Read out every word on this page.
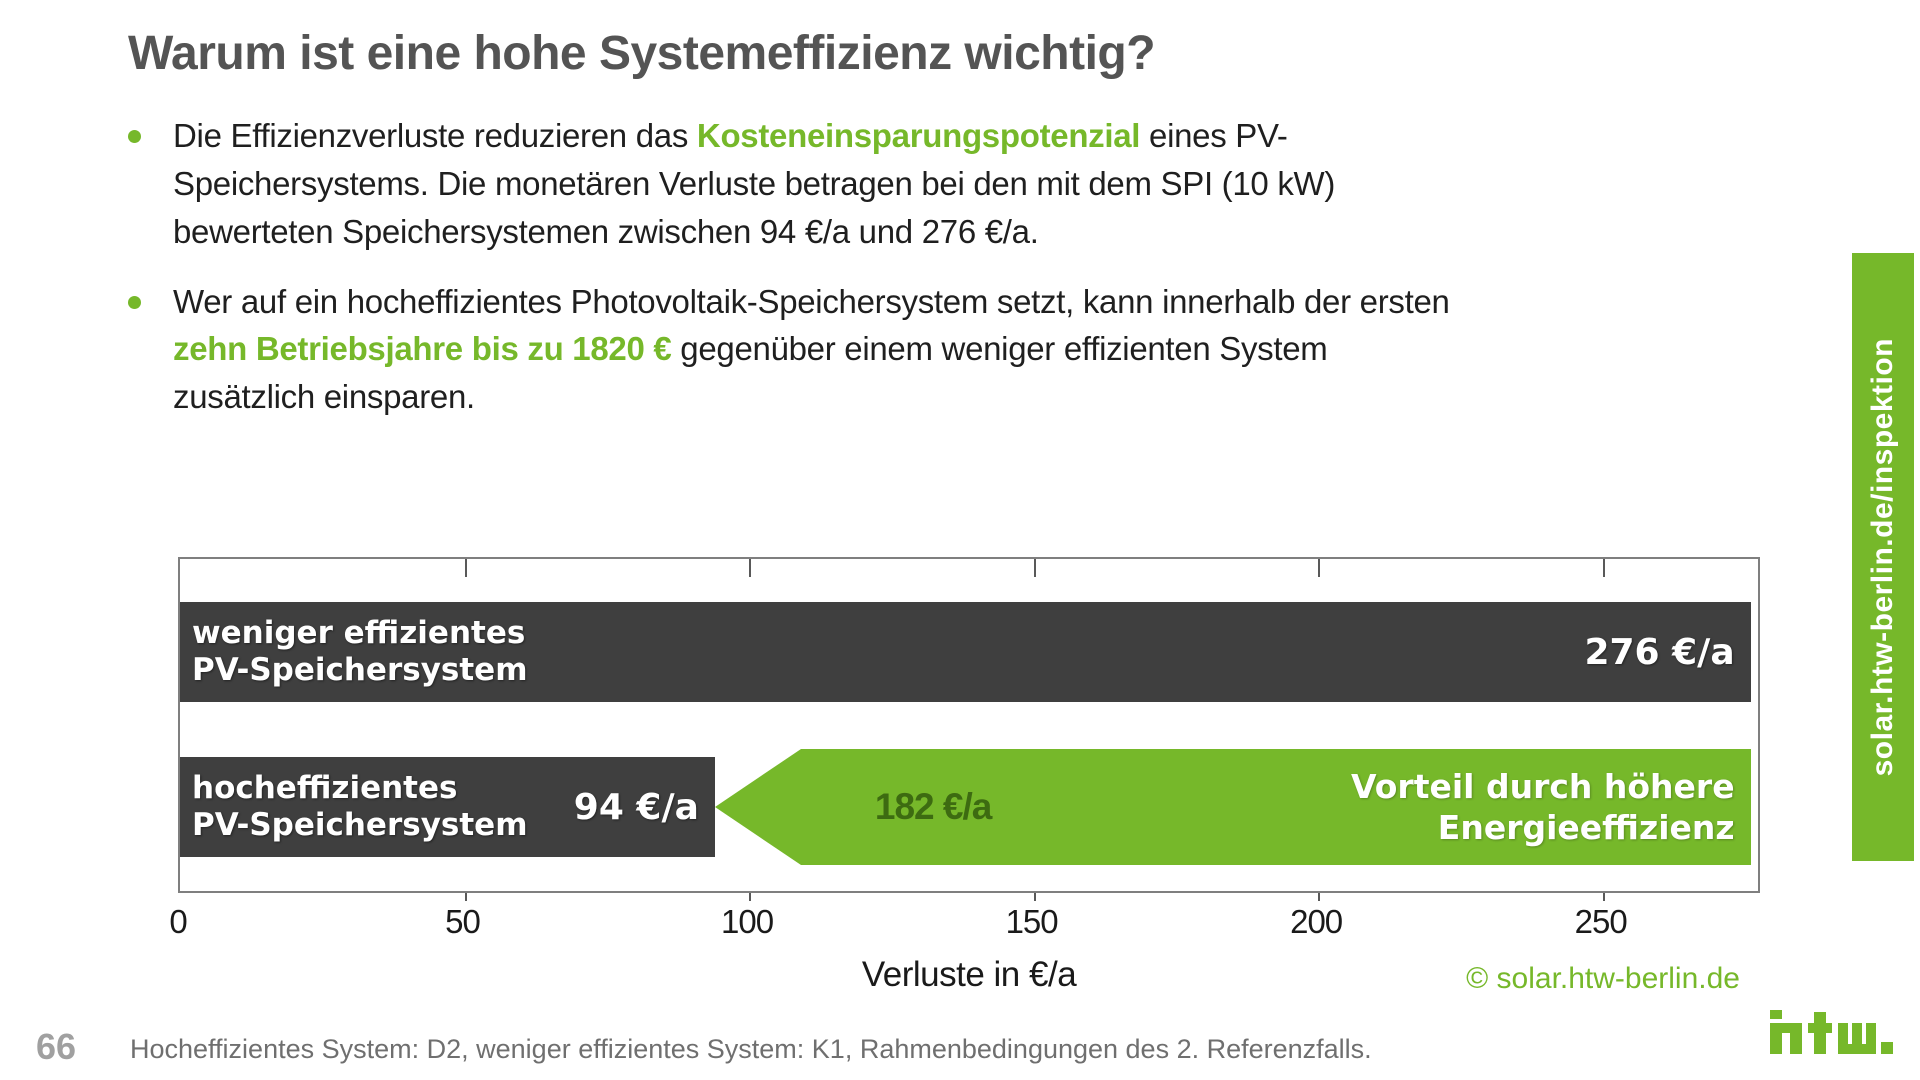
Warum ist eine hohe Systemeffizienz wichtig?
Die Effizienzverluste reduzieren das Kosteneinsparungspotenzial eines PV-Speichersystems. Die monetären Verluste betragen bei den mit dem SPI (10 kW) bewerteten Speichersystemen zwischen 94 €/a und 276 €/a.
Wer auf ein hocheffizientes Photovoltaik-Speichersystem setzt, kann innerhalb der ersten zehn Betriebsjahre bis zu 1820 € gegenüber einem weniger effizienten System zusätzlich einsparen.
weniger effizientes
PV-Speichersystem	276 €/a
hocheffizientes
PV-Speichersystem 94 €/a
Vorteil durch höhere
Energieeffizienz
182 €/a
0	50	100	150	200	250
Verluste in €/a	© solar.htw-berlin.de
solar.htw-berlin.de/inspektion
66 Hocheffizientes System: D2, weniger effizientes System: K1, Rahmenbedingungen des 2. Referenzfalls.
